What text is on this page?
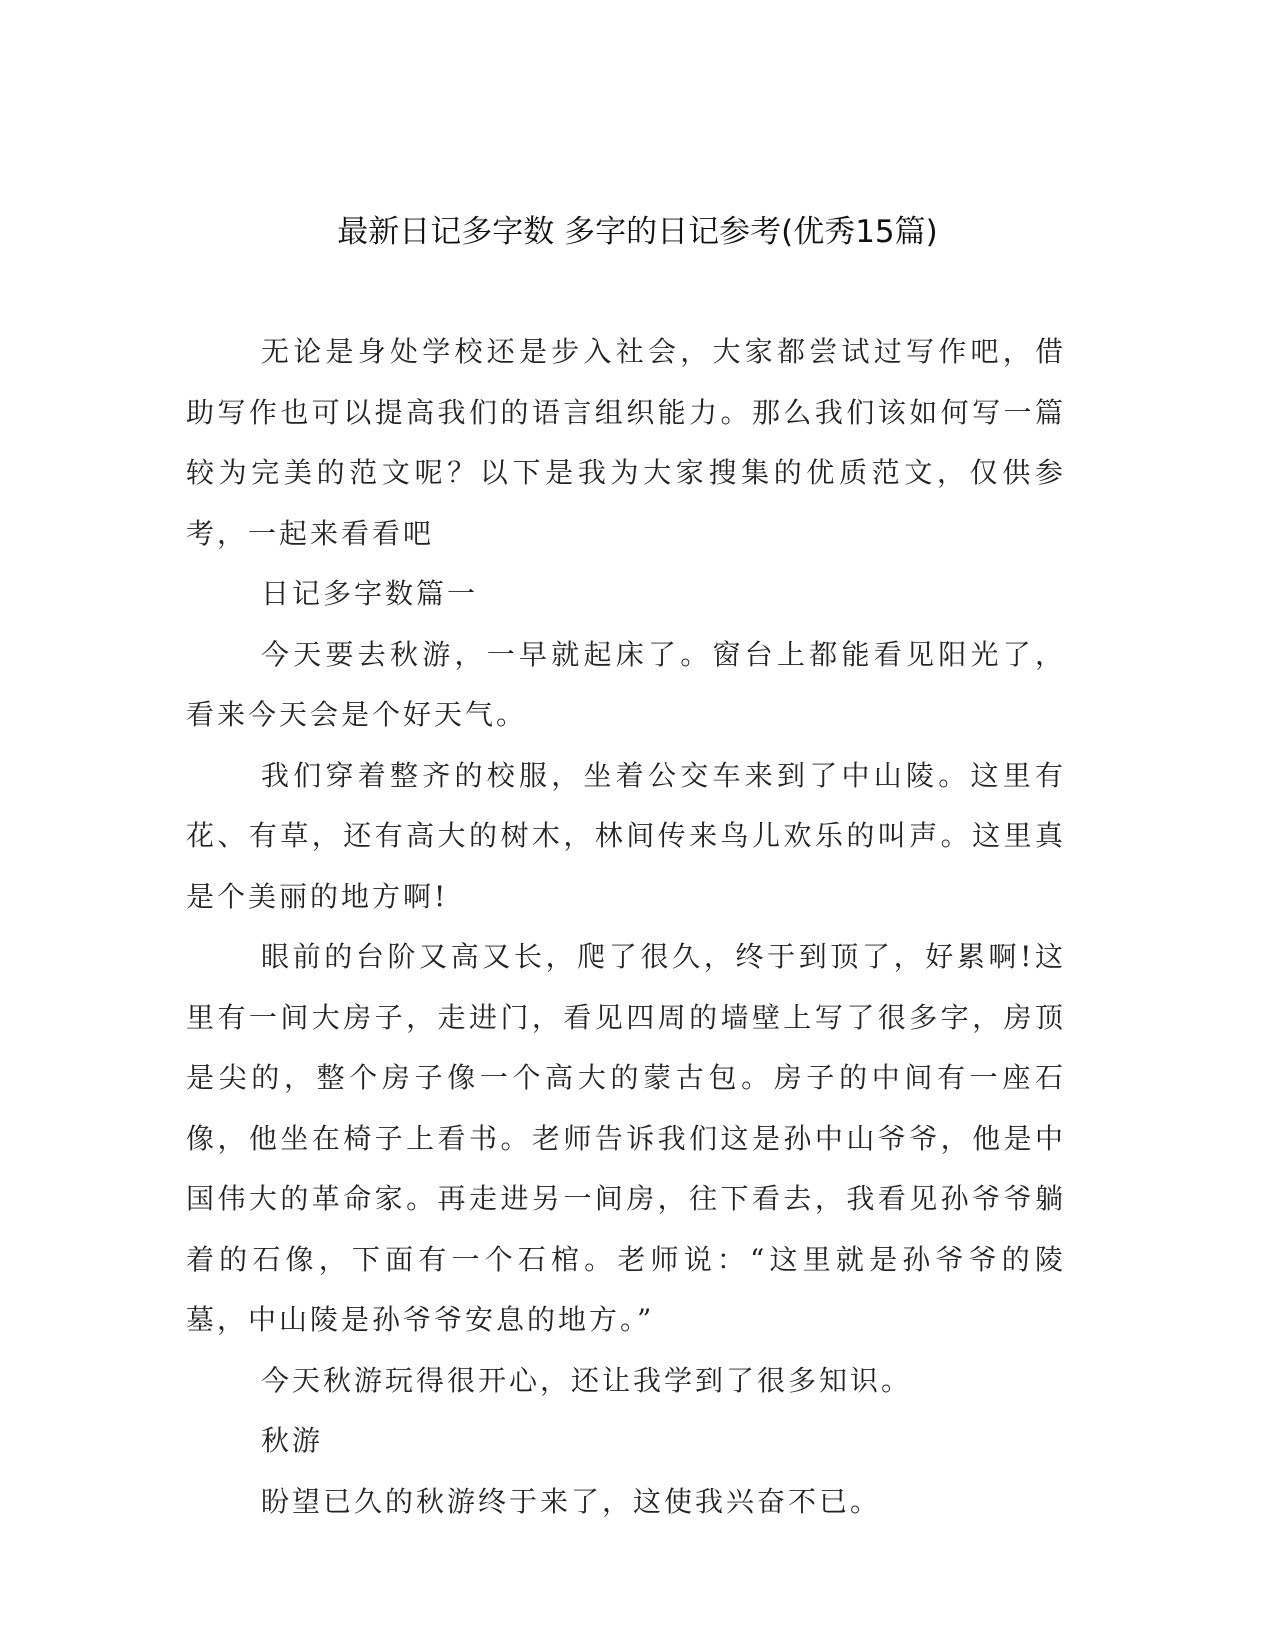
最新日记多字数 多字的日记参考(优秀15篇)

无论是身处学校还是步入社会，大家都尝试过写作吧，借助写作也可以提高我们的语言组织能力。那么我们该如何写一篇较为完美的范文呢？以下是我为大家搜集的优质范文，仅供参考，一起来看看吧

日记多字数篇一

今天要去秋游，一早就起床了。窗台上都能看见阳光了，看来今天会是个好天气。

我们穿着整齐的校服，坐着公交车来到了中山陵。这里有花、有草，还有高大的树木，林间传来鸟儿欢乐的叫声。这里真是个美丽的地方啊!

眼前的台阶又高又长，爬了很久，终于到顶了，好累啊!这里有一间大房子，走进门，看见四周的墙壁上写了很多字，房顶是尖的，整个房子像一个高大的蒙古包。房子的中间有一座石像，他坐在椅子上看书。老师告诉我们这是孙中山爷爷，他是中国伟大的革命家。再走进另一间房，往下看去，我看见孙爷爷躺着的石像，下面有一个石棺。老师说：“这里就是孙爷爷的陵墓，中山陵是孙爷爷安息的地方。”

今天秋游玩得很开心，还让我学到了很多知识。

秋游

盼望已久的秋游终于来了，这使我兴奋不已。
